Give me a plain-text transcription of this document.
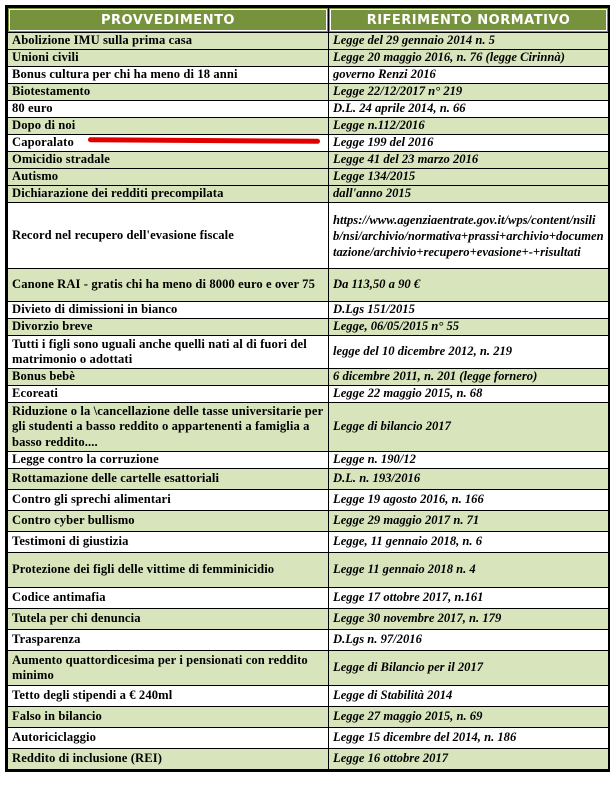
PROVVEDIMENTO	RIFERIMENTO NORMATIVO

Abolizione IMU sulla prima casa	Legge del 29 gennaio 2014 n. 5
Unioni civili	Legge 20 maggio 2016, n. 76 (legge Cirinnà)
Bonus cultura per chi ha meno di 18 anni	governo Renzi 2016
Biotestamento	Legge 22/12/2017 n° 219
80 euro	D.L. 24 aprile 2014, n. 66
Dopo di noi	Legge n.112/2016
Caporalato	Legge 199 del 2016
Omicidio stradale	Legge 41 del 23 marzo 2016
Autismo	Legge 134/2015
Dichiarazione dei redditi precompilata	dall'anno 2015
Record nel recupero dell'evasione fiscale	https://www.agenziaentrate.gov.it/wps/content/nsilib/nsi/archivio/normativa+prassi+archivio+documentazione/archivio+recupero+evasione+-+risultati
Canone RAI - gratis chi ha meno di 8000 euro e over 75	Da 113,50 a 90 €
Divieto di dimissioni in bianco	D.Lgs 151/2015
Divorzio breve	Legge, 06/05/2015 n° 55
Tutti i figli sono uguali anche quelli nati al di fuori del matrimonio o adottati	legge del 10 dicembre 2012, n. 219
Bonus bebè	6 dicembre 2011, n. 201 (legge fornero)
Ecoreati	Legge 22 maggio 2015, n. 68
Riduzione o la \cancellazione delle tasse universitarie per gli studenti a basso reddito o appartenenti a famiglia a basso reddito....	Legge di bilancio 2017
Legge contro la corruzione	Legge n. 190/12
Rottamazione delle cartelle esattoriali	D.L. n. 193/2016
Contro gli sprechi alimentari	Legge 19 agosto 2016, n. 166
Contro cyber bullismo	Legge 29 maggio 2017 n. 71
Testimoni di giustizia	Legge, 11 gennaio 2018, n. 6
Protezione dei figli delle vittime di femminicidio	Legge 11 gennaio 2018 n. 4
Codice antimafia	Legge 17 ottobre 2017, n.161
Tutela per chi denuncia	Legge 30 novembre 2017, n. 179
Trasparenza	D.Lgs n. 97/2016
Aumento quattordicesima per i pensionati con reddito minimo	Legge di Bilancio per il 2017
Tetto degli stipendi a € 240ml	Legge di Stabilità 2014
Falso in bilancio	Legge 27 maggio 2015, n. 69
Autoriciclaggio	Legge 15 dicembre del 2014, n. 186
Reddito di inclusione (REI)	Legge 16 ottobre 2017
